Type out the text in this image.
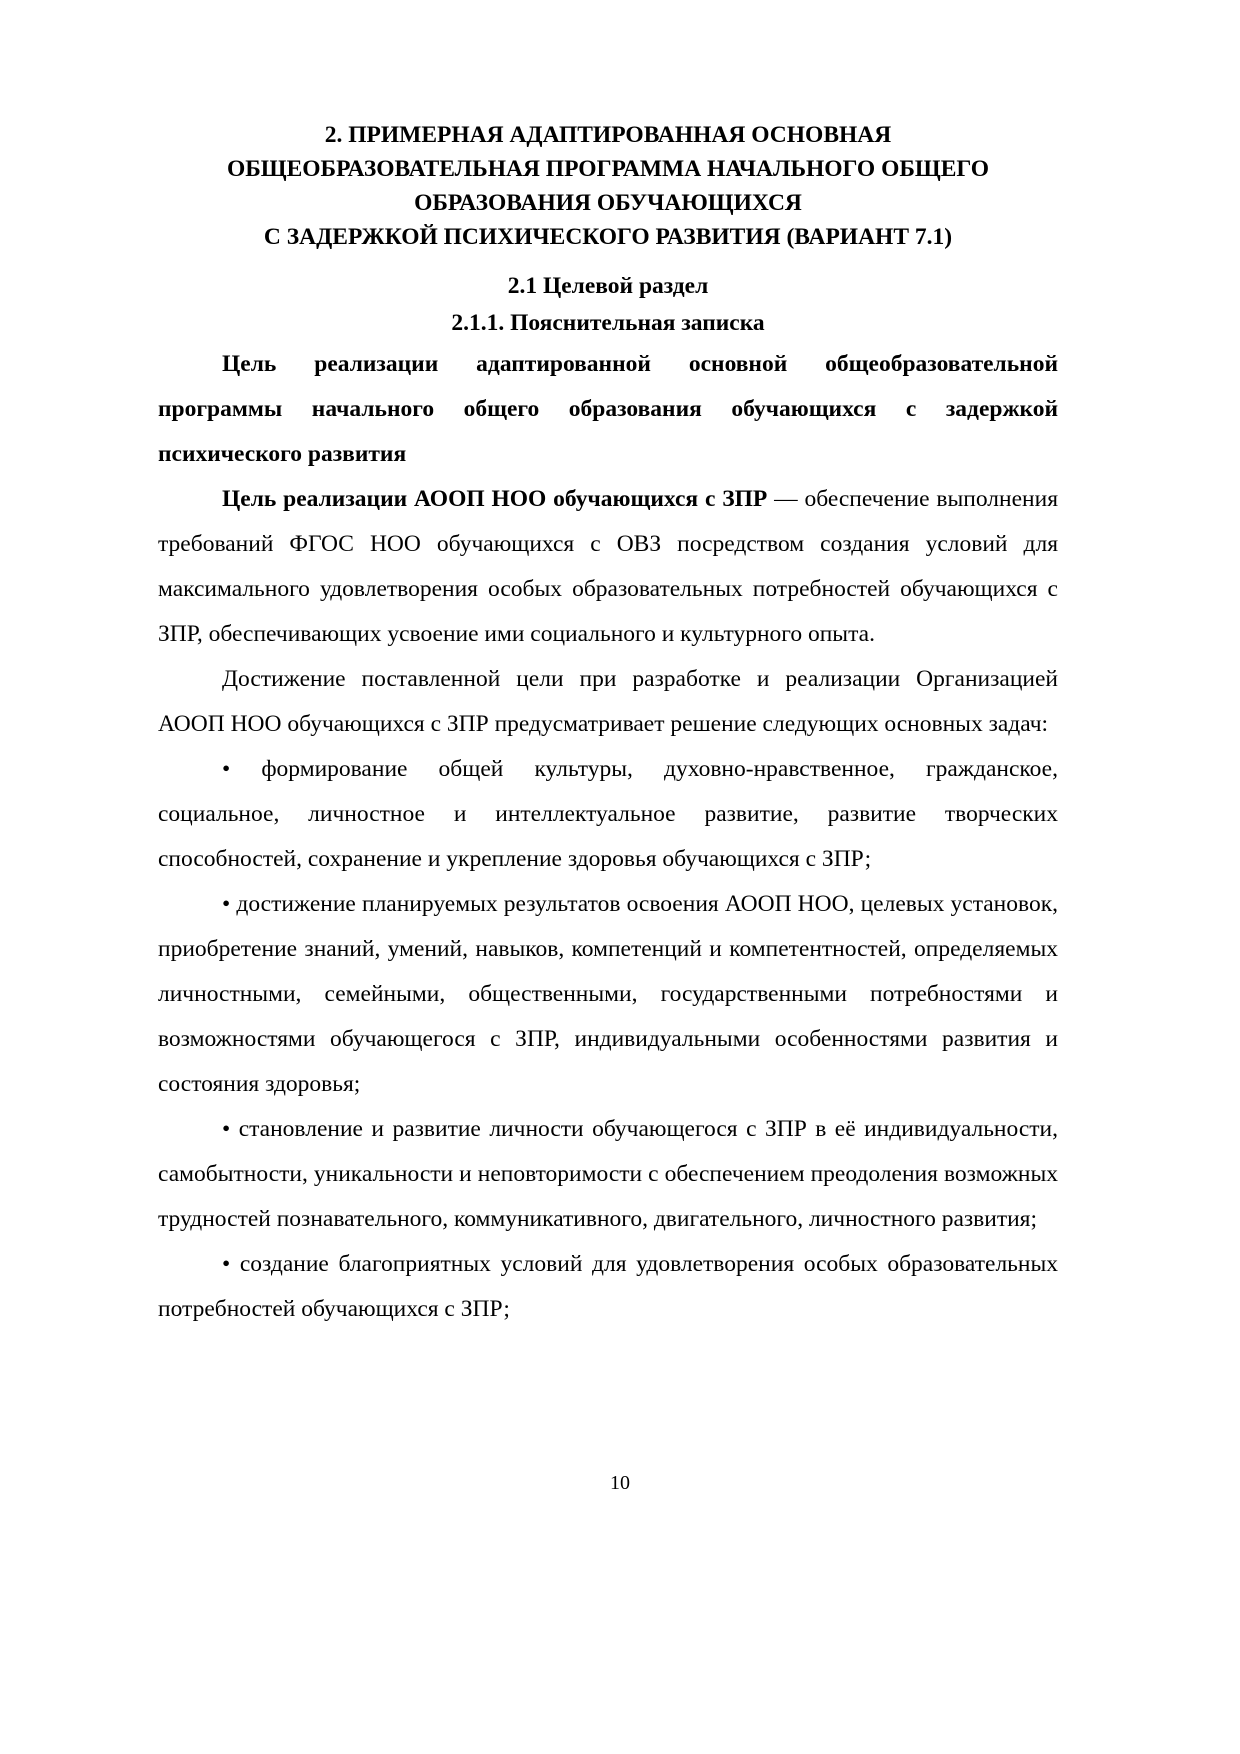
2. ПРИМЕРНАЯ АДАПТИРОВАННАЯ ОСНОВНАЯ
ОБЩЕОБРАЗОВАТЕЛЬНАЯ ПРОГРАММА НАЧАЛЬНОГО ОБЩЕГО
ОБРАЗОВАНИЯ ОБУЧАЮЩИХСЯ
С ЗАДЕРЖКОЙ ПСИХИЧЕСКОГО РАЗВИТИЯ (ВАРИАНТ 7.1)
2.1 Целевой раздел
2.1.1. Пояснительная записка
Цель реализации адаптированной основной общеобразовательной программы начального общего образования обучающихся с задержкой психического развития
Цель реализации АООП НОО обучающихся с ЗПР — обеспечение выполнения требований ФГОС НОО обучающихся с ОВЗ посредством создания условий для максимального удовлетворения особых образовательных потребностей обучающихся с ЗПР, обеспечивающих усвоение ими социального и культурного опыта.
Достижение поставленной цели при разработке и реализации Организацией АООП НОО обучающихся с ЗПР предусматривает решение следующих основных задач:
• формирование общей культуры, духовно-нравственное, гражданское, социальное, личностное и интеллектуальное развитие, развитие творческих способностей, сохранение и укрепление здоровья обучающихся с ЗПР;
• достижение планируемых результатов освоения АООП НОО, целевых установок, приобретение знаний, умений, навыков, компетенций и компетентностей, определяемых личностными, семейными, общественными, государственными потребностями и возможностями обучающегося с ЗПР, индивидуальными особенностями развития и состояния здоровья;
• становление и развитие личности обучающегося с ЗПР в её индивидуальности, самобытности, уникальности и неповторимости с обеспечением преодоления возможных трудностей познавательного, коммуникативного, двигательного, личностного развития;
• создание благоприятных условий для удовлетворения особых образовательных потребностей обучающихся с ЗПР;
10
